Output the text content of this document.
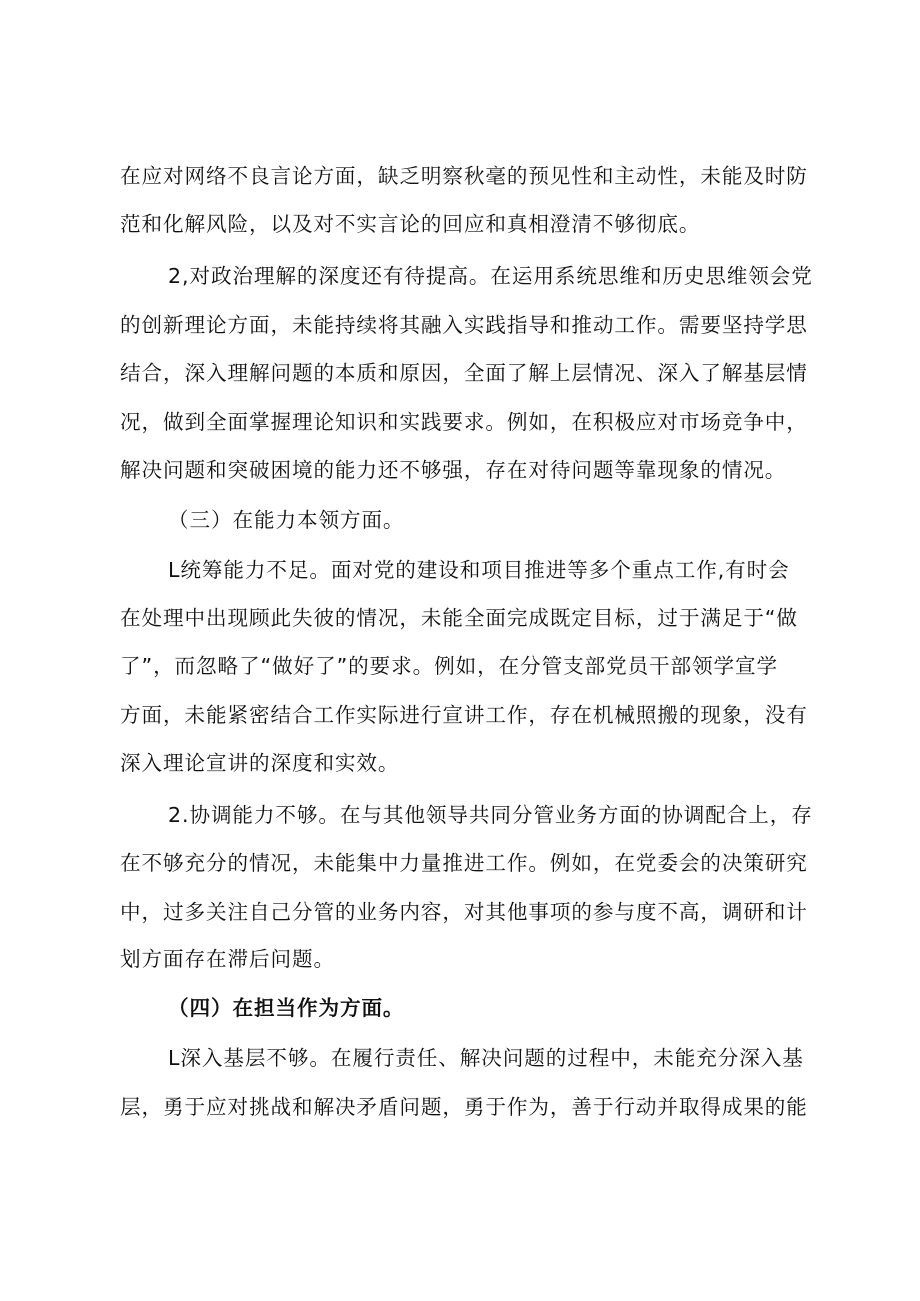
在应对网络不良言论方面，缺乏明察秋毫的预见性和主动性，未能及时防
范和化解风险，以及对不实言论的回应和真相澄清不够彻底。
2,对政治理解的深度还有待提高。在运用系统思维和历史思维领会党
的创新理论方面，未能持续将其融入实践指导和推动工作。需要坚持学思
结合，深入理解问题的本质和原因，全面了解上层情况、深入了解基层情
况，做到全面掌握理论知识和实践要求。例如，在积极应对市场竞争中，
解决问题和突破困境的能力还不够强，存在对待问题等靠现象的情况。
（三）在能力本领方面。
L统筹能力不足。面对党的建设和项目推进等多个重点工作,有时会
在处理中出现顾此失彼的情况，未能全面完成既定目标，过于满足于“做
了”，而忽略了“做好了”的要求。例如，在分管支部党员干部领学宣学
方面，未能紧密结合工作实际进行宣讲工作，存在机械照搬的现象，没有
深入理论宣讲的深度和实效。
2.协调能力不够。在与其他领导共同分管业务方面的协调配合上，存
在不够充分的情况，未能集中力量推进工作。例如，在党委会的决策研究
中，过多关注自己分管的业务内容，对其他事项的参与度不高，调研和计
划方面存在滞后问题。
（四）在担当作为方面。
L深入基层不够。在履行责任、解决问题的过程中，未能充分深入基
层，勇于应对挑战和解决矛盾问题，勇于作为，善于行动并取得成果的能
